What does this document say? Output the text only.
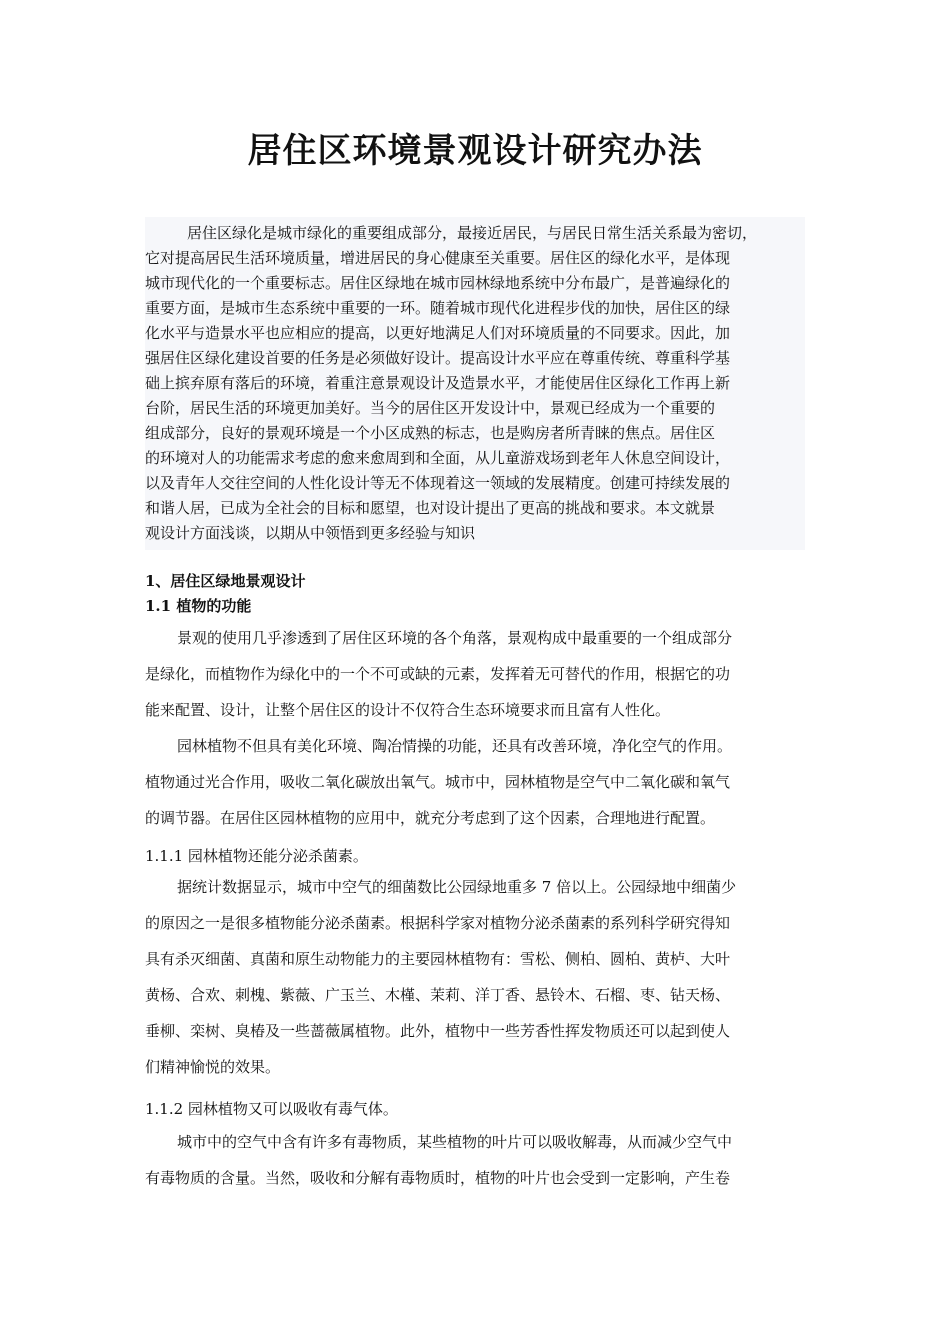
居住区环境景观设计研究办法
居住区绿化是城市绿化的重要组成部分，最接近居民，与居民日常生活关系最为密切，
它对提高居民生活环境质量，增进居民的身心健康至关重要。居住区的绿化水平，是体现
城市现代化的一个重要标志。居住区绿地在城市园林绿地系统中分布最广，是普遍绿化的
重要方面，是城市生态系统中重要的一环。随着城市现代化进程步伐的加快，居住区的绿
化水平与造景水平也应相应的提高，以更好地满足人们对环境质量的不同要求。因此，加
强居住区绿化建设首要的任务是必须做好设计。提高设计水平应在尊重传统、尊重科学基
础上摈弃原有落后的环境，着重注意景观设计及造景水平，才能使居住区绿化工作再上新
台阶，居民生活的环境更加美好。当今的居住区开发设计中，景观已经成为一个重要的
组成部分，良好的景观环境是一个小区成熟的标志，也是购房者所青睐的焦点。居住区
的环境对人的功能需求考虑的愈来愈周到和全面，从儿童游戏场到老年人休息空间设计，
以及青年人交往空间的人性化设计等无不体现着这一领域的发展精度。创建可持续发展的
和谐人居，已成为全社会的目标和愿望，也对设计提出了更高的挑战和要求。本文就景
观设计方面浅谈，以期从中领悟到更多经验与知识
1、居住区绿地景观设计
1.1 植物的功能
景观的使用几乎渗透到了居住区环境的各个角落，景观构成中最重要的一个组成部分
是绿化，而植物作为绿化中的一个不可或缺的元素，发挥着无可替代的作用，根据它的功
能来配置、设计，让整个居住区的设计不仅符合生态环境要求而且富有人性化。
园林植物不但具有美化环境、陶冶情操的功能，还具有改善环境，净化空气的作用。
植物通过光合作用，吸收二氧化碳放出氧气。城市中，园林植物是空气中二氧化碳和氧气
的调节器。在居住区园林植物的应用中，就充分考虑到了这个因素，合理地进行配置。
1.1.1 园林植物还能分泌杀菌素。
据统计数据显示，城市中空气的细菌数比公园绿地重多 7 倍以上。公园绿地中细菌少
的原因之一是很多植物能分泌杀菌素。根据科学家对植物分泌杀菌素的系列科学研究得知
具有杀灭细菌、真菌和原生动物能力的主要园林植物有：雪松、侧柏、圆柏、黄栌、大叶
黄杨、合欢、刺槐、紫薇、广玉兰、木槿、茉莉、洋丁香、悬铃木、石榴、枣、钻天杨、
垂柳、栾树、臭椿及一些蔷薇属植物。此外，植物中一些芳香性挥发物质还可以起到使人
们精神愉悦的效果。
1.1.2 园林植物又可以吸收有毒气体。
城市中的空气中含有许多有毒物质，某些植物的叶片可以吸收解毒，从而减少空气中
有毒物质的含量。当然，吸收和分解有毒物质时，植物的叶片也会受到一定影响，产生卷
